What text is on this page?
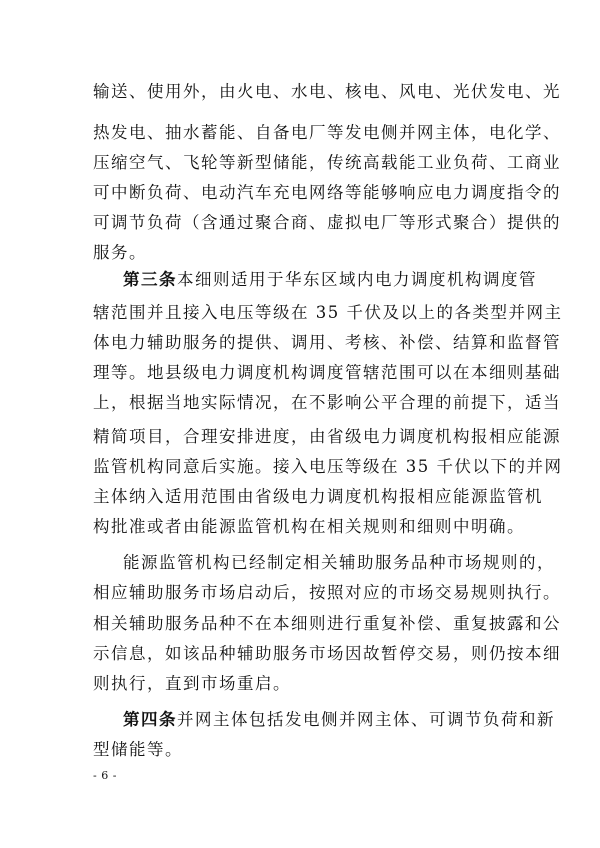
输送、使用外，由火电、水电、核电、风电、光伏发电、光
热发电、抽水蓄能、自备电厂等发电侧并网主体，电化学、
压缩空气、飞轮等新型储能，传统高载能工业负荷、工商业
可中断负荷、电动汽车充电网络等能够响应电力调度指令的
可调节负荷（含通过聚合商、虚拟电厂等形式聚合）提供的
服务。
第三条本细则适用于华东区域内电力调度机构调度管
辖范围并且接入电压等级在 35 千伏及以上的各类型并网主
体电力辅助服务的提供、调用、考核、补偿、结算和监督管
理等。地县级电力调度机构调度管辖范围可以在本细则基础
上，根据当地实际情况，在不影响公平合理的前提下，适当
精简项目，合理安排进度，由省级电力调度机构报相应能源
监管机构同意后实施。接入电压等级在 35 千伏以下的并网
主体纳入适用范围由省级电力调度机构报相应能源监管机
构批准或者由能源监管机构在相关规则和细则中明确。
能源监管机构已经制定相关辅助服务品种市场规则的，
相应辅助服务市场启动后，按照对应的市场交易规则执行。
相关辅助服务品种不在本细则进行重复补偿、重复披露和公
示信息，如该品种辅助服务市场因故暂停交易，则仍按本细
则执行，直到市场重启。
第四条并网主体包括发电侧并网主体、可调节负荷和新
型储能等。
- 6 -
